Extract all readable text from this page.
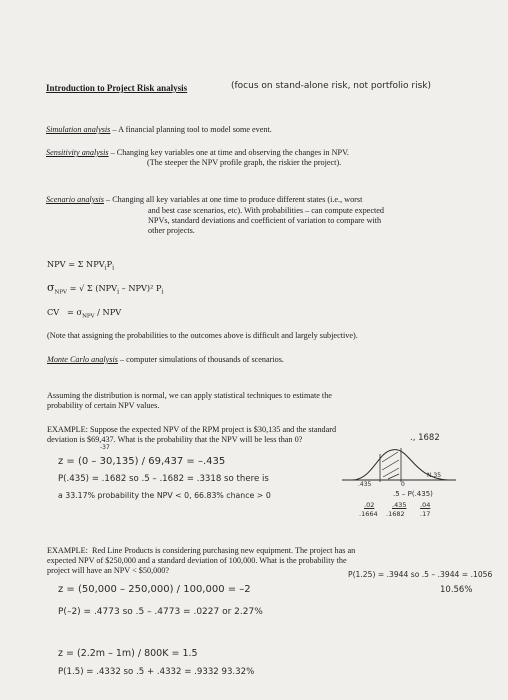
Introduction to Project Risk analysis	(focus on stand-alone risk, not portfolio risk)
Simulation analysis – A financial planning tool to model some event.
Sensitivity analysis – Changing key variables one at time and observing the changes in NPV.
(The steeper the NPV profile graph, the riskier the project).
Scenario analysis – Changing all key variables at one time to produce different states (i.e., worst
and best case scenarios, etc). With probabilities – can compute expected
NPVs, standard deviations and coefficient of variation to compare with
other projects.
NPV = Σ $NPV_iP_i$
$\sigma_{NPV}$ = √ Σ $(NPV_i - NPV)^2$ $P_i$
CV = $\sigma_{NPV}$ / NPV
(Note that assigning the probabilities to the outcomes above is difficult and largely subjective).
Monte Carlo analysis – computer simulations of thousands of scenarios.
Assuming the distribution is normal, we can apply statistical techniques to estimate the
probability of certain NPV values.
EXAMPLE: Suppose the expected NPV of the RPM project is $30,135 and the standard
deviation is $69,437. What is the probability that the NPV will be less than 0?
-37
., 1682
z = (0 – 30,135) / 69,437 = –.435
P(.435) = .1682 so .5 – .1682 = .3318 so there is
a 33.17% probability the NPV < 0, 66.83% chance > 0
.435	0
N.35
.5 – P(.435)
.02	.435 .04
.1664 .1682 .17
EXAMPLE: Red Line Products is considering purchasing new equipment. The project has an
expected NPV of $250,000 and a standard deviation of 100,000. What is the probability the
project will have an NPV < $50,000?	P(1.25) = .3944 so .5 – .3944 = .1056
10.56%
z = (50,000 – 250,000) / 100,000 = –2
P(–2) = .4773 so .5 – .4773 = .0227 or 2.27%
z = (2.2m – 1m) / 800K = 1.5
P(1.5) = .4332 so .5 + .4332 = .9332 93.32%
